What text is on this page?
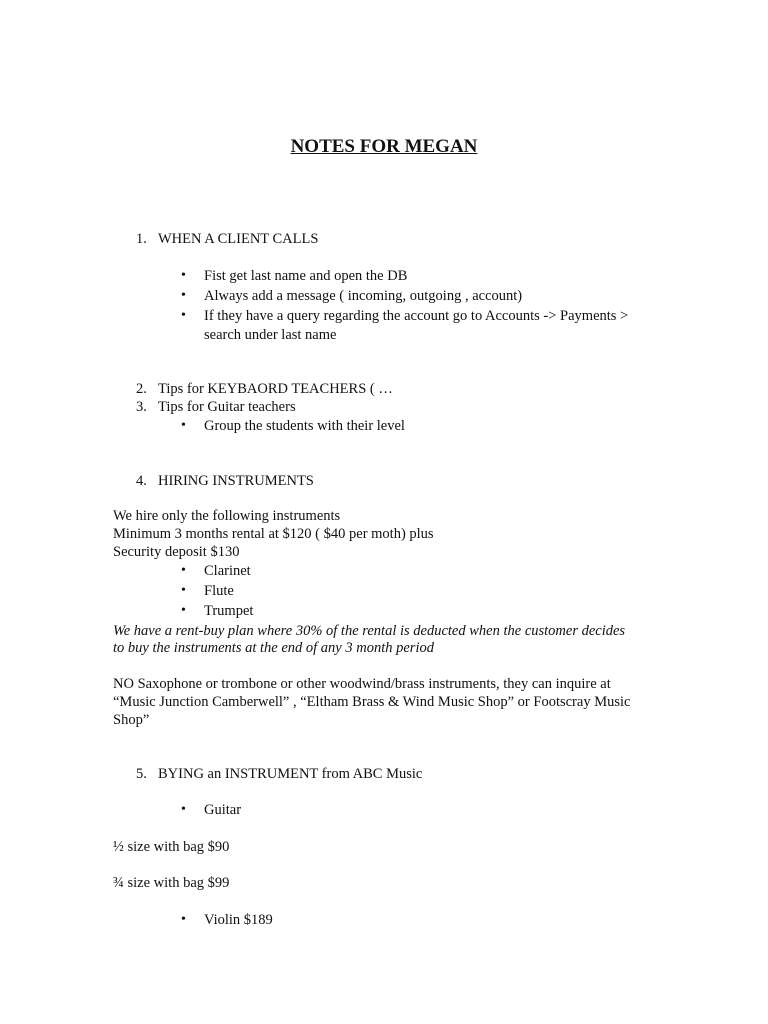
NOTES FOR MEGAN
1. WHEN A CLIENT CALLS
• Fist get last name and open the DB
• Always add a message ( incoming, outgoing , account)
• If they have a query regarding the account go to Accounts -> Payments >
search under last name
2. Tips for KEYBAORD TEACHERS ( …
3. Tips for Guitar teachers
• Group the students with their level
4. HIRING INSTRUMENTS
We hire only the following instruments
Minimum 3 months rental at $120 ( $40 per moth) plus
Security deposit $130
• Clarinet
• Flute
• Trumpet
We have a rent-buy plan where 30% of the rental is deducted when the customer decides
to buy the instruments at the end of any 3 month period
NO Saxophone or trombone or other woodwind/brass instruments, they can inquire at
“Music Junction Camberwell” , “Eltham Brass & Wind Music Shop” or Footscray Music
Shop”
5. BYING an INSTRUMENT from ABC Music
• Guitar
½ size with bag $90
¾ size with bag $99
• Violin $189
